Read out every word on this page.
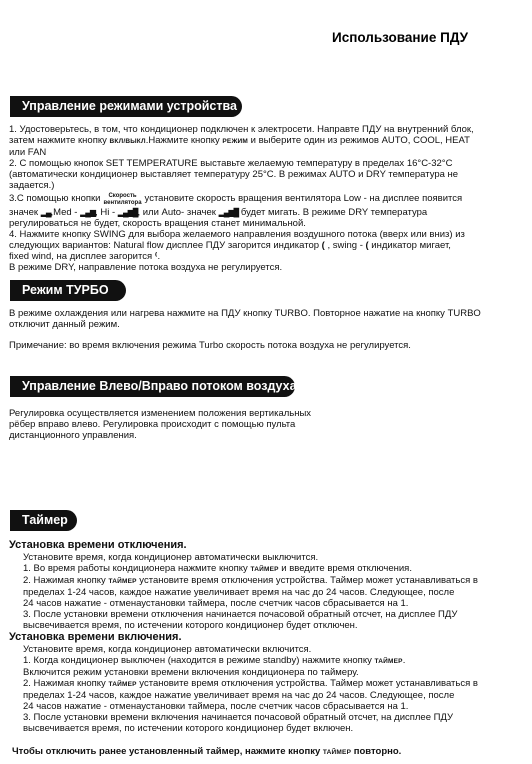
Использование ПДУ
Управление режимами устройства

1. Удостоверьтесь, в том, что кондиционер подключен к электросети. Направте ПДУ на внутренний блок,

затем нажмите кнопку ВКЛ/ВЫКЛ.Нажмите кнопку РЕЖИМ и выберите один из режимов AUTO, COOL, HEAT

или FAN

2. С помощью кнопок SET TEMPERATURE выставьте желаемую температуру в пределах 16°C-32°C

(автоматически кондиционер выставляет температуру 25°C. В режимах AUTO и DRY температура не

задается.)

3.С помощью кнопки	Скорость
вентилятора установите скорость вращения вентилятора Low - на дисплее появится

значек ▂▄,Med - ▂▄▆, Hi - ▂▄▆█, или Auto- значек ▂▄▆█ будет мигать. В режиме DRY температура

регулироваться не будет, скорость вращения станет минимальной.

4. Нажмите кнопку SWING для выбора желаемого направления воздушного потока (вверх или вниз) из

следующих вариантов: Natural flow дисплее ПДУ загорится индикатор ( , swing - ( индикатор мигает,

fixed wind, на дисплее загорится ⁽.

В режиме DRY, направление потока воздуха не регулируется.

Режим ТУРБО

В режиме охлаждения или нагрева нажмите на ПДУ кнопку TURBO. Повторное нажатие на кнопку TURBO

отключит данный режим.

Примечание: во время включения режима Turbo скорость потока воздуха не регулируется.

Управление Влево/Вправо потоком воздуха

Регулировка осуществляется изменением положения вертикальных

рёбер вправо влево. Регулировка происходит с помощью пульта

дистанционного управления.

Таймер

Установка времени отключения.

Установите время, когда кондиционер автоматически выключится.

1. Во время работы кондиционера нажмите кнопку ТАЙМЕР и введите время отключения.

2. Нажимая кнопку ТАЙМЕР установите время отключения устройства. Таймер может устанавливаться в

пределах 1-24 часов, каждое нажатие увеличивает время на час до 24 часов. Следующее, после

24 часов нажатие - отменаустановки таймера, после счетчик часов сбрасывается на 1.

3. После установки времени отключения начинается почасовой обратный отсчет, на дисплее ПДУ

высвечивается время, по истечении которого кондиционер будет отключен.

Установка времени включения.

Установите время, когда кондиционер автоматически включится.

1. Когда кондиционер выключен (находится в режиме standby) нажмите кнопку ТАЙМЕР.

Включится режим установки времени включения кондиционера по таймеру.

2. Нажимая кнопку ТАЙМЕР установите время отключения устройства. Таймер может устанавливаться в

пределах 1-24 часов, каждое нажатие увеличивает время на час до 24 часов. Следующее, после

24 часов нажатие - отменаустановки таймера, после счетчик часов сбрасывается на 1.

3. После установки времени включения начинается почасовой обратный отсчет, на дисплее ПДУ

высвечивается время, по истечении которого кондиционер будет включен.

Чтобы отключить ранее установленный таймер, нажмите кнопку ТАЙМЕР повторно.
